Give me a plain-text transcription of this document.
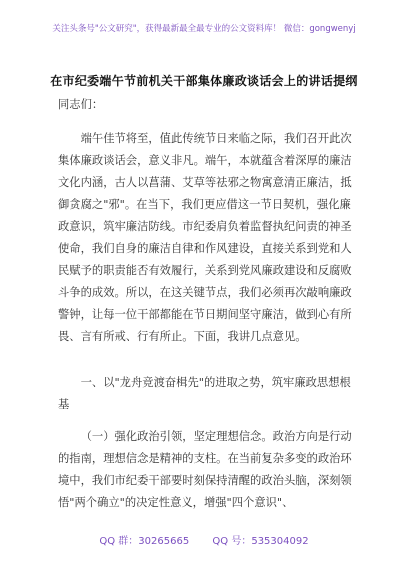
关注头条号"公文研究"，获得最新最全最专业的公文资料库！ 微信：gongwenyj
在市纪委端午节前机关干部集体廉政谈话会上的讲话提纲
同志们：

端午佳节将至，值此传统节日来临之际，我们召开此次集体廉政谈话会，意义非凡。端午，本就蕴含着深厚的廉洁文化内涵，古人以菖蒲、艾草等祛邪之物寓意清正廉洁，抵御贪腐之"邪"。在当下，我们更应借这一节日契机，强化廉政意识，筑牢廉洁防线。市纪委肩负着监督执纪问责的神圣使命，我们自身的廉洁自律和作风建设，直接关系到党和人民赋予的职责能否有效履行，关系到党风廉政建设和反腐败斗争的成效。所以，在这关键节点，我们必须再次敲响廉政警钟，让每一位干部都能在节日期间坚守廉洁，做到心有所畏、言有所戒、行有所止。下面，我讲几点意见。

一、以"龙舟竞渡奋楫先"的进取之势，筑牢廉政思想根基

（一）强化政治引领，坚定理想信念。政治方向是行动的指南，理想信念是精神的支柱。在当前复杂多变的政治环境中，我们市纪委干部要时刻保持清醒的政治头脑，深刻领悟"两个确立"的决定性意义，增强"四个意识"、

QQ 群：30265665 QQ 号：535304092
